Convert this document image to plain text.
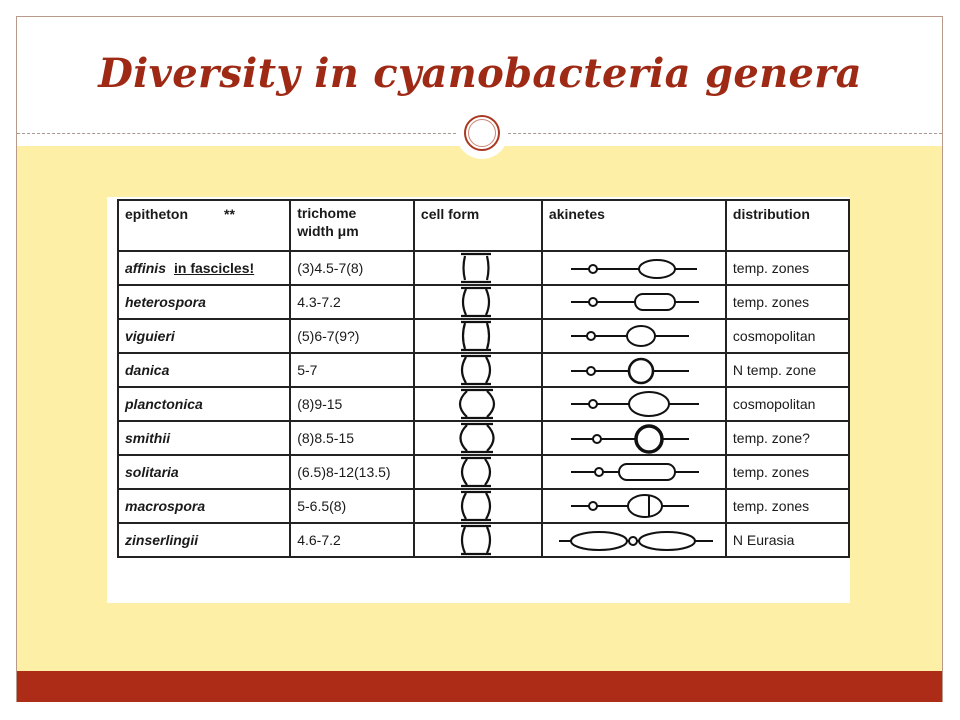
Diversity in cyanobacteria genera
epitheton **	trichome
width μm	cell form	akinetes	distribution
affinis in fascicles!	(3)4.5-7(8)			temp. zones
heterospora	4.3-7.2			temp. zones
viguieri	(5)6-7(9?)			cosmopolitan
danica	5-7			N temp. zone
planctonica	(8)9-15			cosmopolitan
smithii	(8)8.5-15			temp. zone?
solitaria	(6.5)8-12(13.5)			temp. zones
macrospora	5-6.5(8)			temp. zones
zinserlingii	4.6-7.2			N Eurasia
